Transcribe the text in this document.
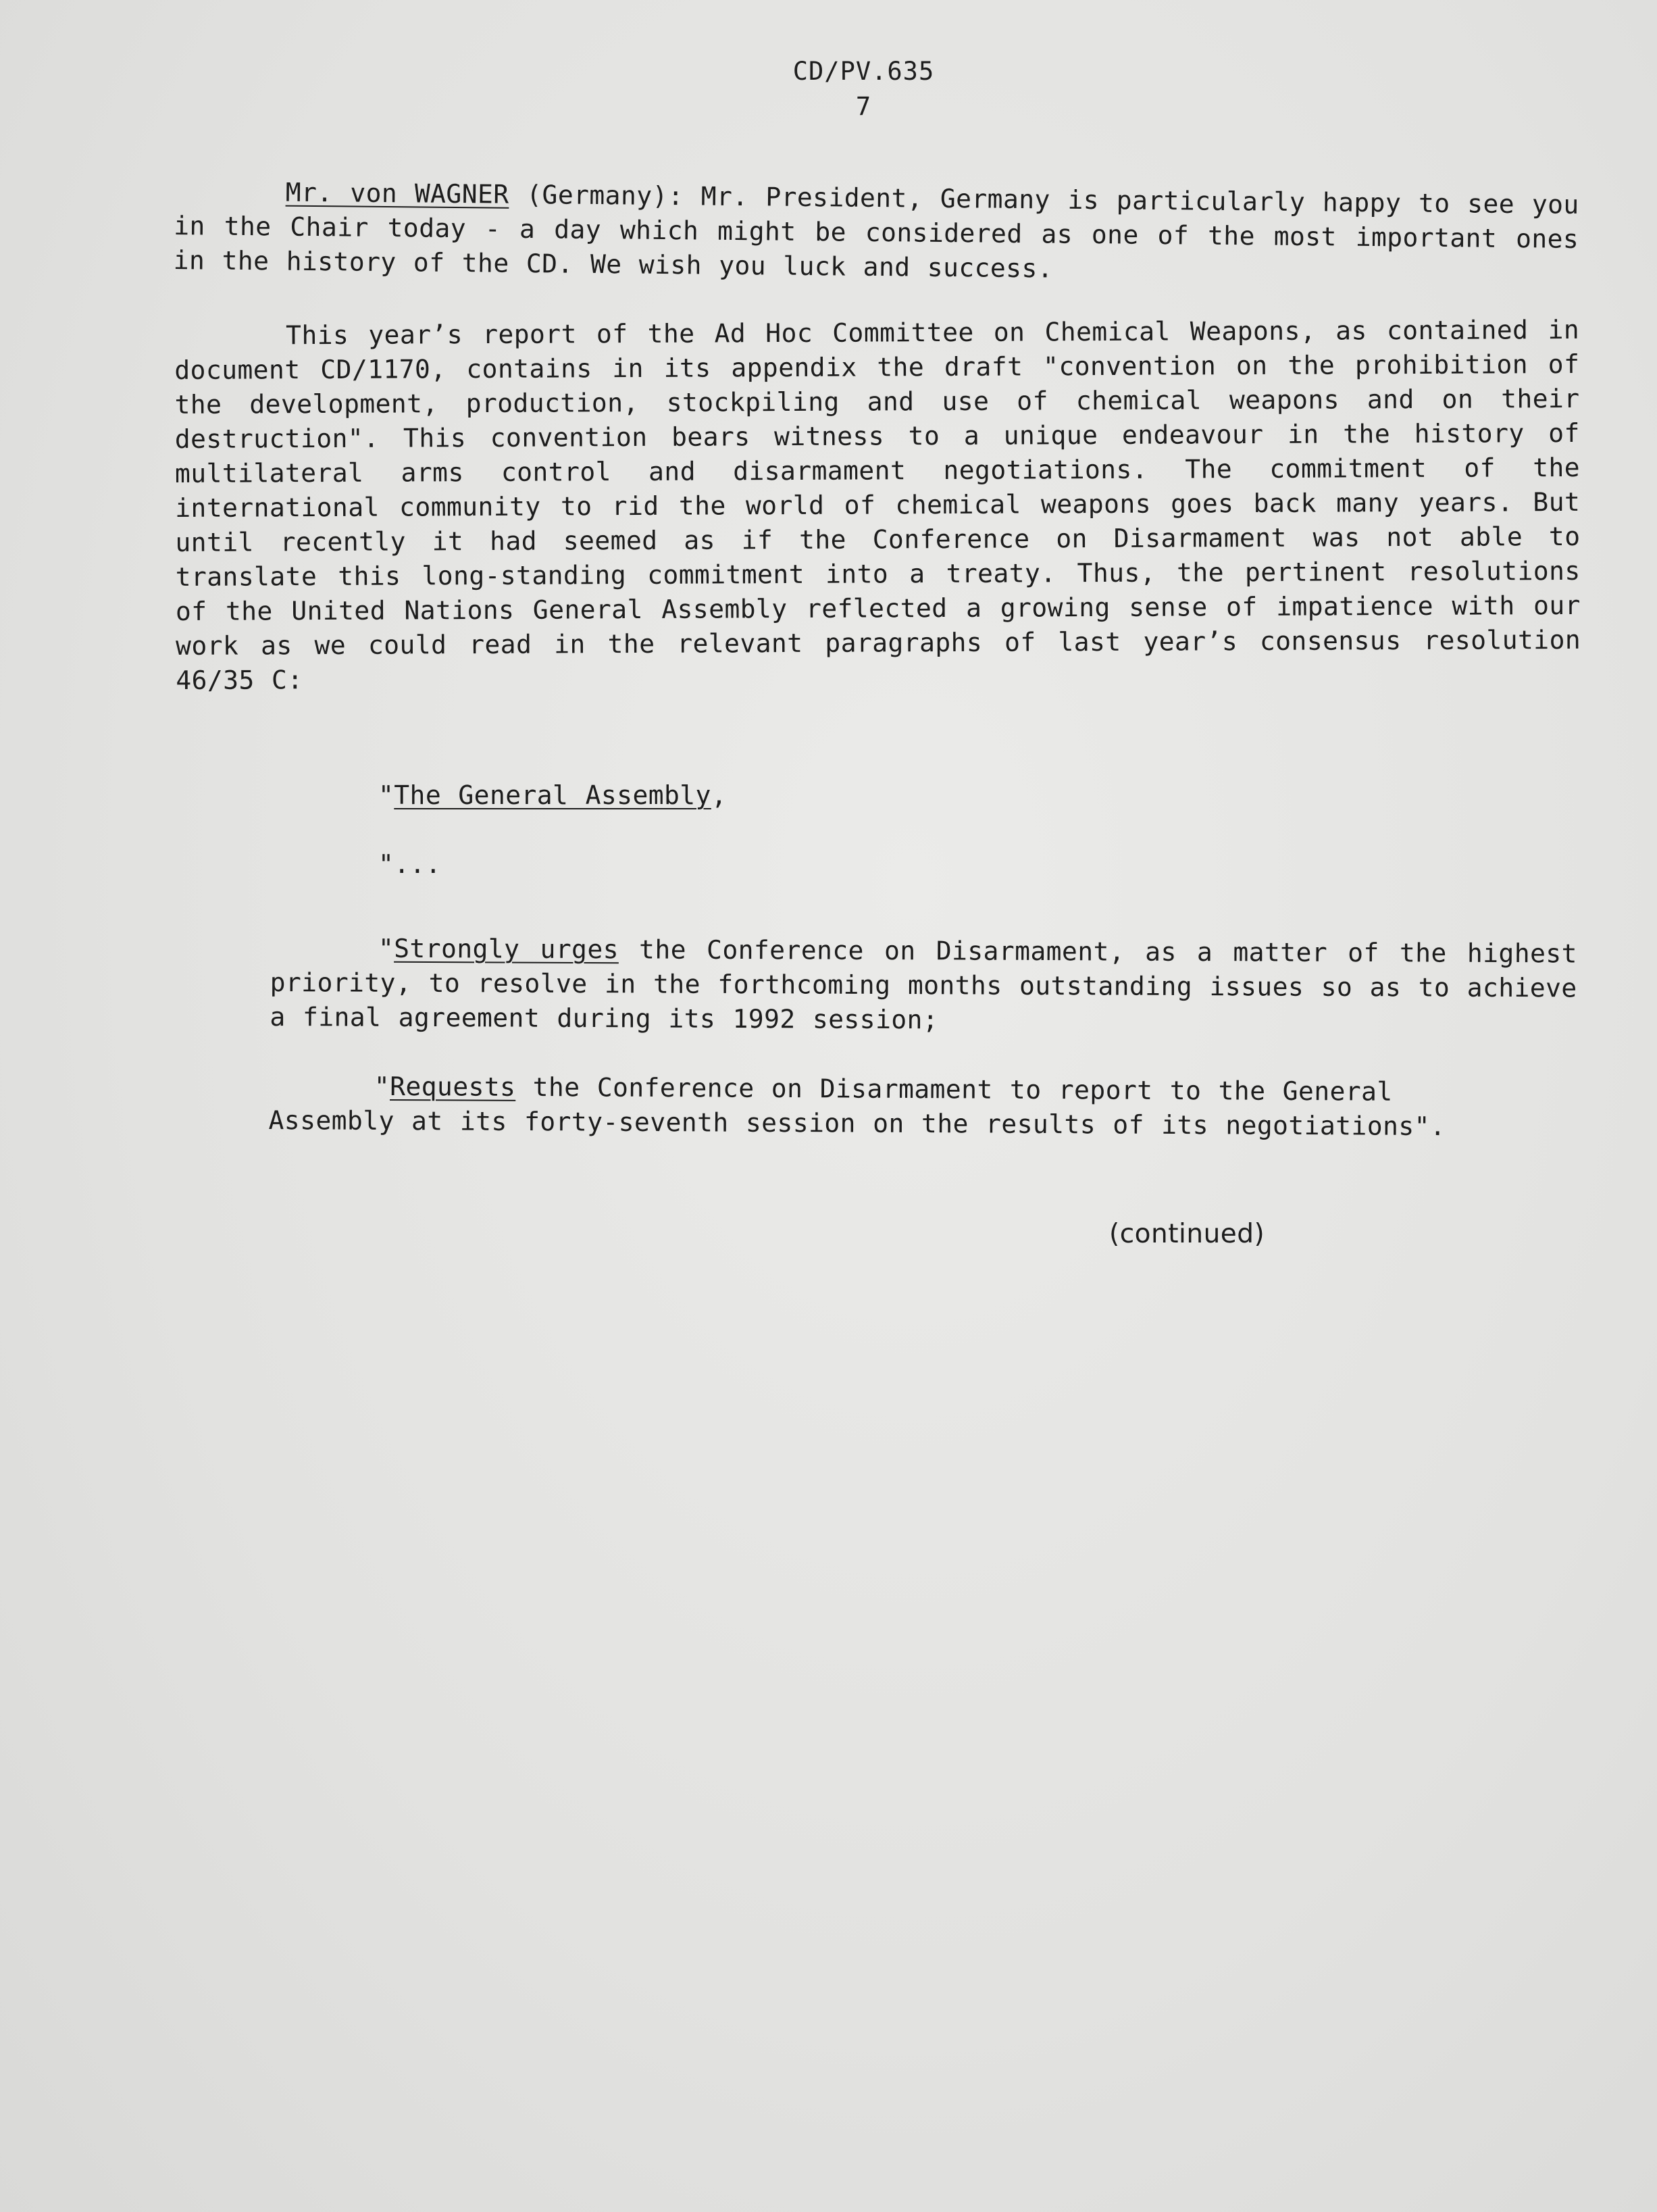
CD/PV.635
7

Mr. von WAGNER (Germany): Mr. President, Germany is particularly happy to see you in the Chair today - a day which might be considered as one of the most important ones in the history of the CD. We wish you luck and success.

This year’s report of the Ad Hoc Committee on Chemical Weapons, as contained in document CD/1170, contains in its appendix the draft "convention on the prohibition of the development, production, stockpiling and use of chemical weapons and on their destruction". This convention bears witness to a unique endeavour in the history of multilateral arms control and disarmament negotiations. The commitment of the international community to rid the world of chemical weapons goes back many years. But until recently it had seemed as if the Conference on Disarmament was not able to translate this long-standing commitment into a treaty. Thus, the pertinent resolutions of the United Nations General Assembly reflected a growing sense of impatience with our work as we could read in the relevant paragraphs of last year’s consensus resolution 46/35 C:

"The General Assembly,
"...
"Strongly urges the Conference on Disarmament, as a matter of the highest priority, to resolve in the forthcoming months outstanding issues so as to achieve a final agreement during its 1992 session;
"Requests the Conference on Disarmament to report to the General Assembly at its forty-seventh session on the results of its negotiations".
(continued)
